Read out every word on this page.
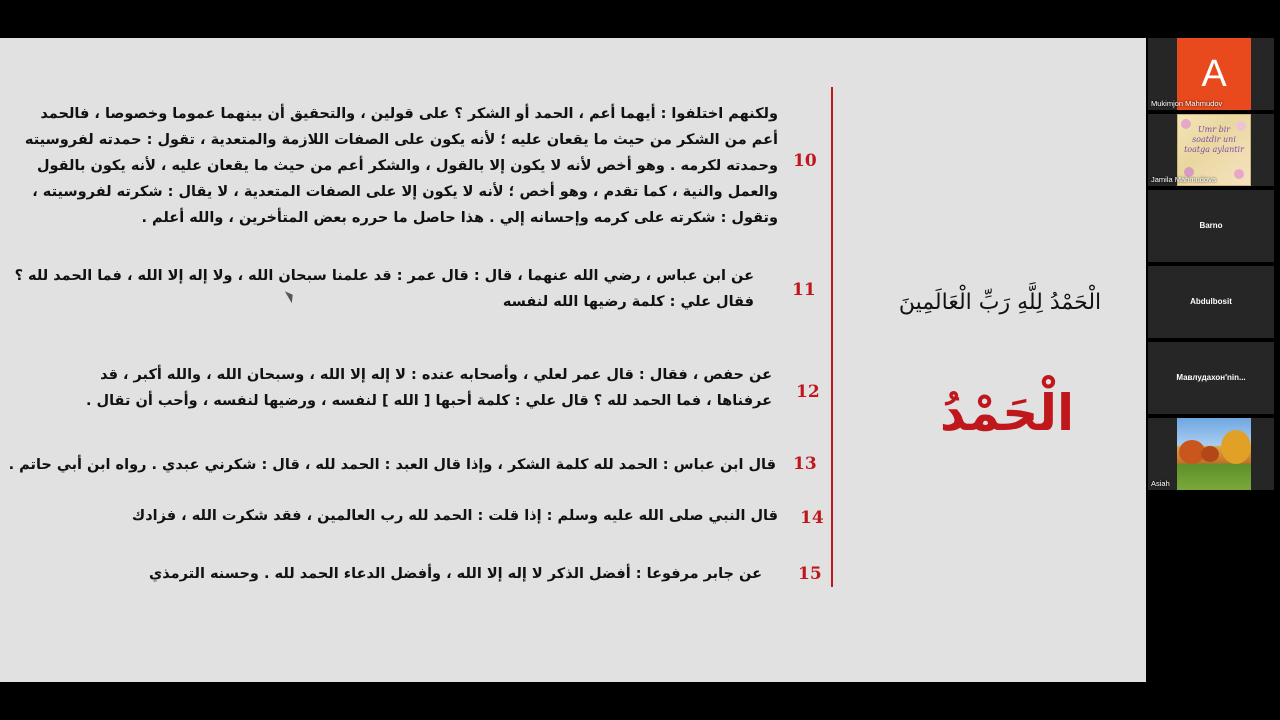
ولكنهم اختلفوا : أيهما أعم ، الحمد أو الشكر ؟ على قولين ، والتحقيق أن بينهما عموما وخصوصا ، فالحمد
أعم من الشكر من حيث ما يقعان عليه ؛ لأنه يكون على الصفات اللازمة والمتعدية ، تقول : حمدته لفروسيته
وحمدته لكرمه . وهو أخص لأنه لا يكون إلا بالقول ، والشكر أعم من حيث ما يقعان عليه ، لأنه يكون بالقول
والعمل والنية ، كما تقدم ، وهو أخص ؛ لأنه لا يكون إلا على الصفات المتعدية ، لا يقال : شكرته لفروسيته ،
وتقول : شكرته على كرمه وإحسانه إلي . هذا حاصل ما حرره بعض المتأخرين ، والله أعلم .
10
عن ابن عباس ، رضي الله عنهما ، قال : قال عمر : قد علمنا سبحان الله ، ولا إله إلا الله ، فما الحمد لله ؟
فقال علي : كلمة رضيها الله لنفسه
11
عن حفص ، فقال : قال عمر لعلي ، وأصحابه عنده : لا إله إلا الله ، وسبحان الله ، والله أكبر ، قد
عرفناها ، فما الحمد لله ؟ قال علي : كلمة أحبها [ الله ] لنفسه ، ورضيها لنفسه ، وأحب أن تقال . 12
قال ابن عباس : الحمد لله كلمة الشكر ، وإذا قال العبد : الحمد لله ، قال : شكرني عبدي . رواه ابن أبي حاتم . 13
قال النبي صلى الله عليه وسلم : إذا قلت : الحمد لله رب العالمين ، فقد شكرت الله ، فزادك 14
عن جابر مرفوعا : أفضل الذكر لا إله إلا الله ، وأفضل الدعاء الحمد لله . وحسنه الترمذي 15
الْحَمْدُ لِلَّهِ رَبِّ الْعَالَمِينَ
الْحَمْدُ
A
Mukimjon Mahmudov
Umr bir soatdir uni toatga aylantir
Jamila Mahmudova
Barno
Abdulbosit
Мавлудахон'nin...
Asiah
